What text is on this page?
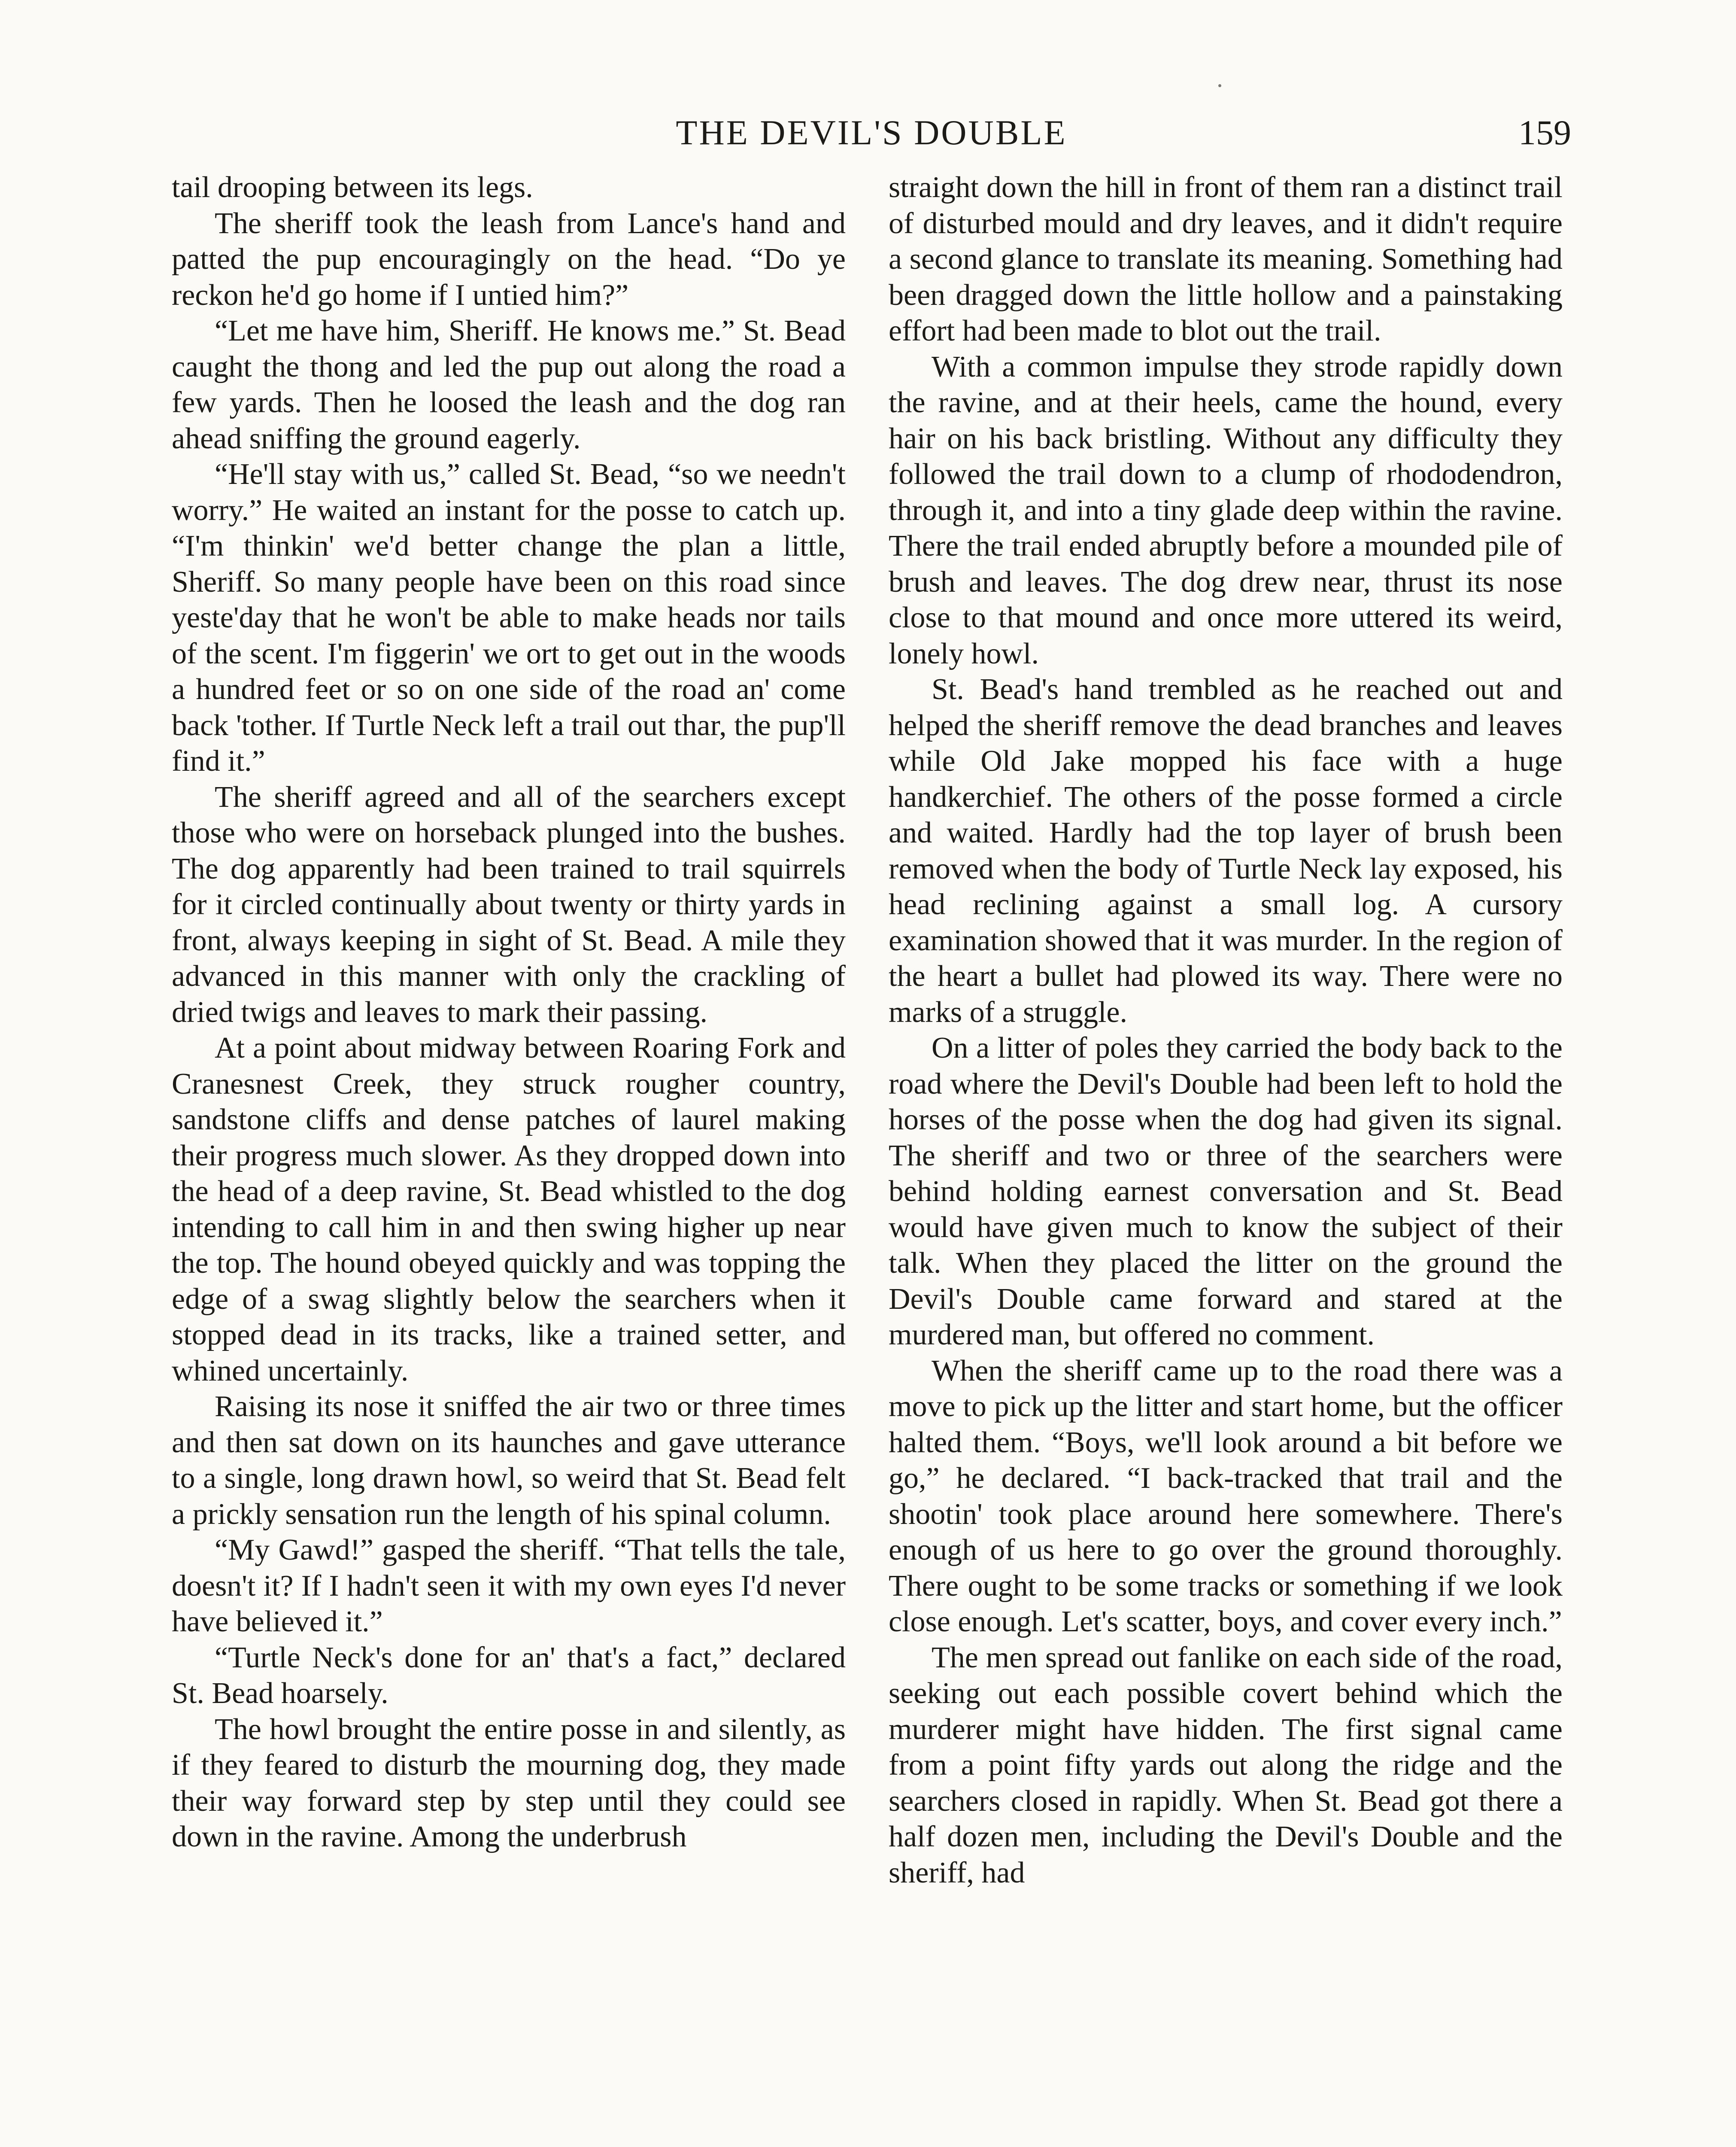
THE DEVIL'S DOUBLE	159

tail drooping between its legs.

The sheriff took the leash from Lance's hand and patted the pup encouragingly on the head. “Do ye reckon he'd go home if I untied him?”

“Let me have him, Sheriff. He knows me.” St. Bead caught the thong and led the pup out along the road a few yards. Then he loosed the leash and the dog ran ahead sniffing the ground eagerly.

“He'll stay with us,” called St. Bead, “so we needn't worry.” He waited an instant for the posse to catch up. “I'm thinkin' we'd better change the plan a little, Sheriff. So many people have been on this road since yeste'day that he won't be able to make heads nor tails of the scent. I'm figgerin' we ort to get out in the woods a hundred feet or so on one side of the road an' come back 'tother. If Turtle Neck left a trail out thar, the pup'll find it.”

The sheriff agreed and all of the searchers except those who were on horseback plunged into the bushes. The dog apparently had been trained to trail squirrels for it circled continually about twenty or thirty yards in front, always keeping in sight of St. Bead. A mile they advanced in this manner with only the crackling of dried twigs and leaves to mark their passing.

At a point about midway between Roaring Fork and Cranesnest Creek, they struck rougher country, sandstone cliffs and dense patches of laurel making their progress much slower. As they dropped down into the head of a deep ravine, St. Bead whistled to the dog intending to call him in and then swing higher up near the top. The hound obeyed quickly and was topping the edge of a swag slightly below the searchers when it stopped dead in its tracks, like a trained setter, and whined uncertainly.

Raising its nose it sniffed the air two or three times and then sat down on its haunches and gave utterance to a single, long drawn howl, so weird that St. Bead felt a prickly sensation run the length of his spinal column.

“My Gawd!” gasped the sheriff. “That tells the tale, doesn't it? If I hadn't seen it with my own eyes I'd never have believed it.”

“Turtle Neck's done for an' that's a fact,” declared St. Bead hoarsely.

The howl brought the entire posse in and silently, as if they feared to disturb the mourning dog, they made their way forward step by step until they could see down in the ravine. Among the underbrush

straight down the hill in front of them ran a distinct trail of disturbed mould and dry leaves, and it didn't require a second glance to translate its meaning. Something had been dragged down the little hollow and a painstaking effort had been made to blot out the trail.

With a common impulse they strode rapidly down the ravine, and at their heels, came the hound, every hair on his back bristling. Without any difficulty they followed the trail down to a clump of rhododendron, through it, and into a tiny glade deep within the ravine. There the trail ended abruptly before a mounded pile of brush and leaves. The dog drew near, thrust its nose close to that mound and once more uttered its weird, lonely howl.

St. Bead's hand trembled as he reached out and helped the sheriff remove the dead branches and leaves while Old Jake mopped his face with a huge handkerchief. The others of the posse formed a circle and waited. Hardly had the top layer of brush been removed when the body of Turtle Neck lay exposed, his head reclining against a small log. A cursory examination showed that it was murder. In the region of the heart a bullet had plowed its way. There were no marks of a struggle.

On a litter of poles they carried the body back to the road where the Devil's Double had been left to hold the horses of the posse when the dog had given its signal. The sheriff and two or three of the searchers were behind holding earnest conversation and St. Bead would have given much to know the subject of their talk. When they placed the litter on the ground the Devil's Double came forward and stared at the murdered man, but offered no comment.

When the sheriff came up to the road there was a move to pick up the litter and start home, but the officer halted them. “Boys, we'll look around a bit before we go,” he declared. “I back-tracked that trail and the shootin' took place around here somewhere. There's enough of us here to go over the ground thoroughly. There ought to be some tracks or something if we look close enough. Let's scatter, boys, and cover every inch.”

The men spread out fanlike on each side of the road, seeking out each possible covert behind which the murderer might have hidden. The first signal came from a point fifty yards out along the ridge and the searchers closed in rapidly. When St. Bead got there a half dozen men, including the Devil's Double and the sheriff, had
